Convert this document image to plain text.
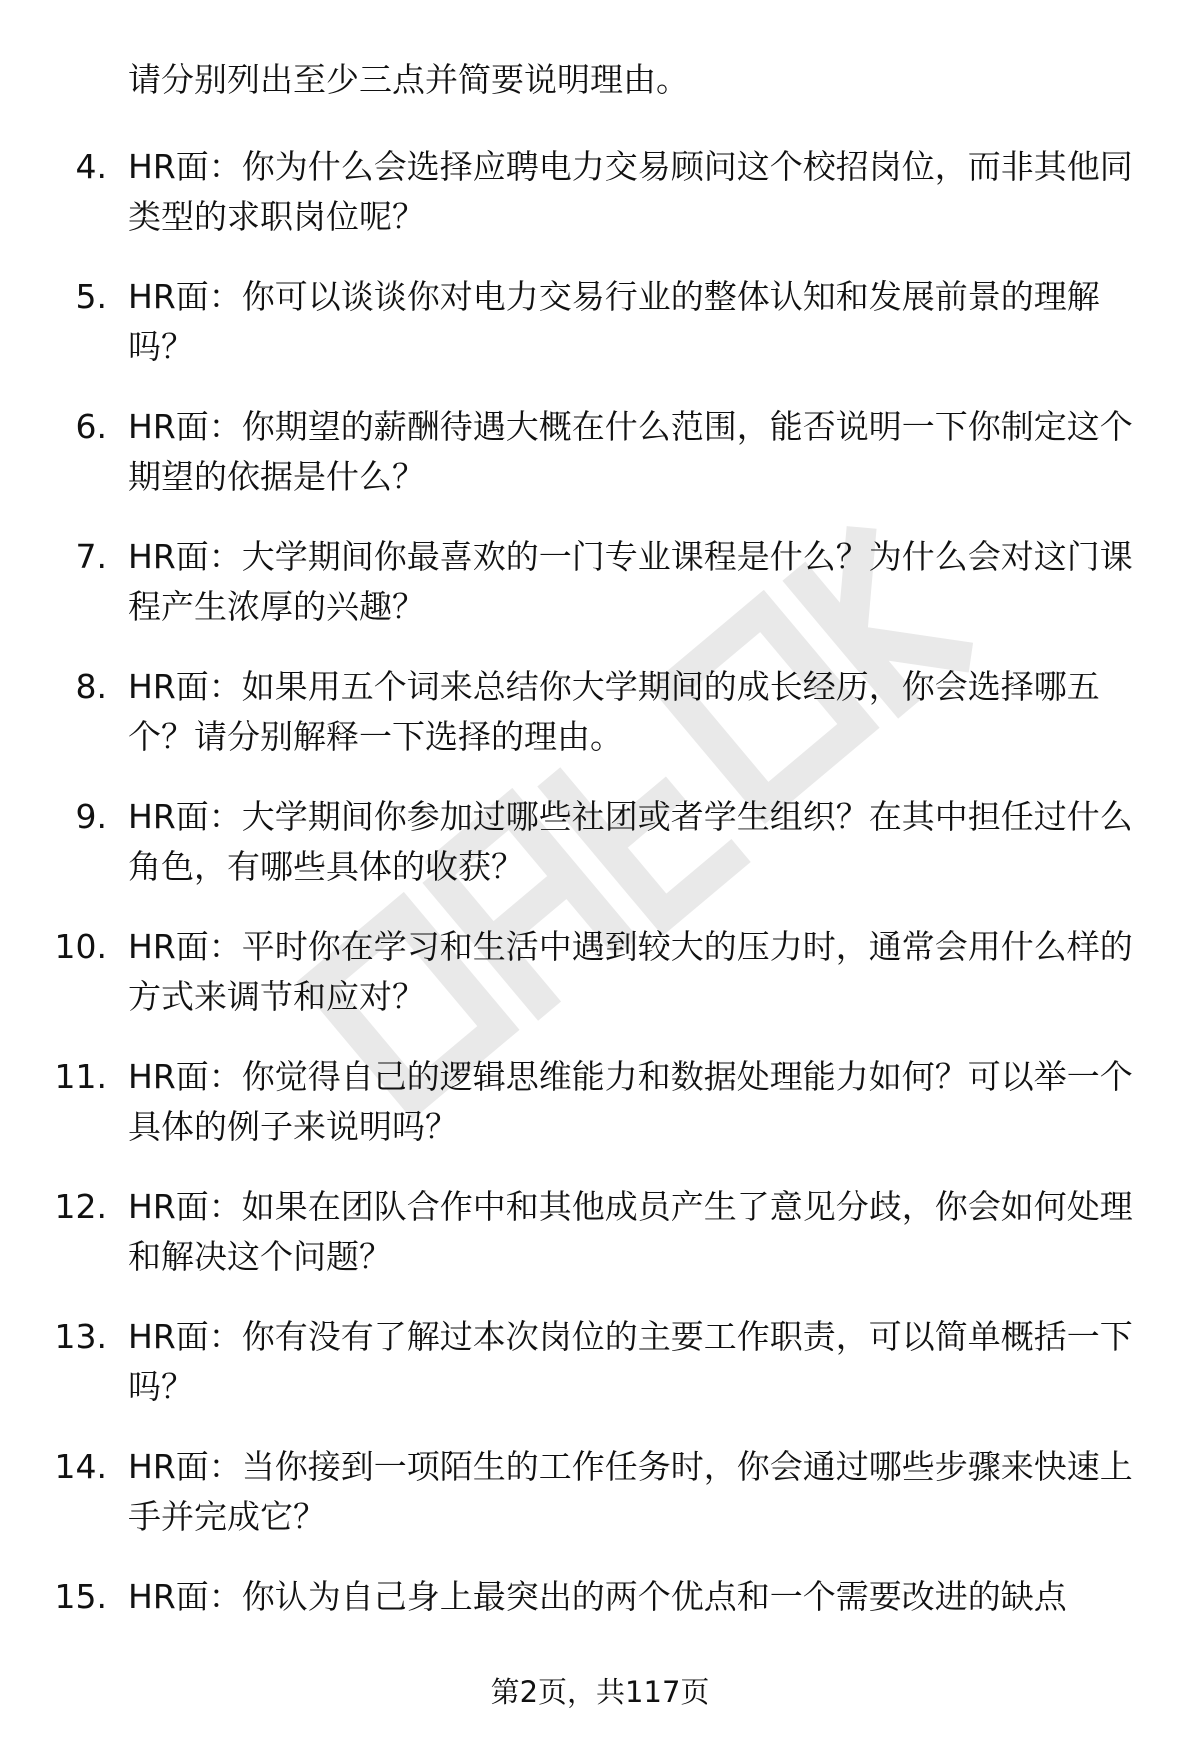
请分别列出至少三点并简要说明理由。

4. HR面：你为什么会选择应聘电力交易顾问这个校招岗位，而非其他同类型的求职岗位呢？

5. HR面：你可以谈谈你对电力交易行业的整体认知和发展前景的理解吗？

6. HR面：你期望的薪酬待遇大概在什么范围，能否说明一下你制定这个期望的依据是什么？

7. HR面：大学期间你最喜欢的一门专业课程是什么？为什么会对这门课程产生浓厚的兴趣？

8. HR面：如果用五个词来总结你大学期间的成长经历，你会选择哪五个？请分别解释一下选择的理由。

9. HR面：大学期间你参加过哪些社团或者学生组织？在其中担任过什么角色，有哪些具体的收获？

10. HR面：平时你在学习和生活中遇到较大的压力时，通常会用什么样的方式来调节和应对？

11. HR面：你觉得自己的逻辑思维能力和数据处理能力如何？可以举一个具体的例子来说明吗？

12. HR面：如果在团队合作中和其他成员产生了意见分歧，你会如何处理和解决这个问题？

13. HR面：你有没有了解过本次岗位的主要工作职责，可以简单概括一下吗？

14. HR面：当你接到一项陌生的工作任务时，你会通过哪些步骤来快速上手并完成它？

15. HR面：你认为自己身上最突出的两个优点和一个需要改进的缺点

第2页，共117页
